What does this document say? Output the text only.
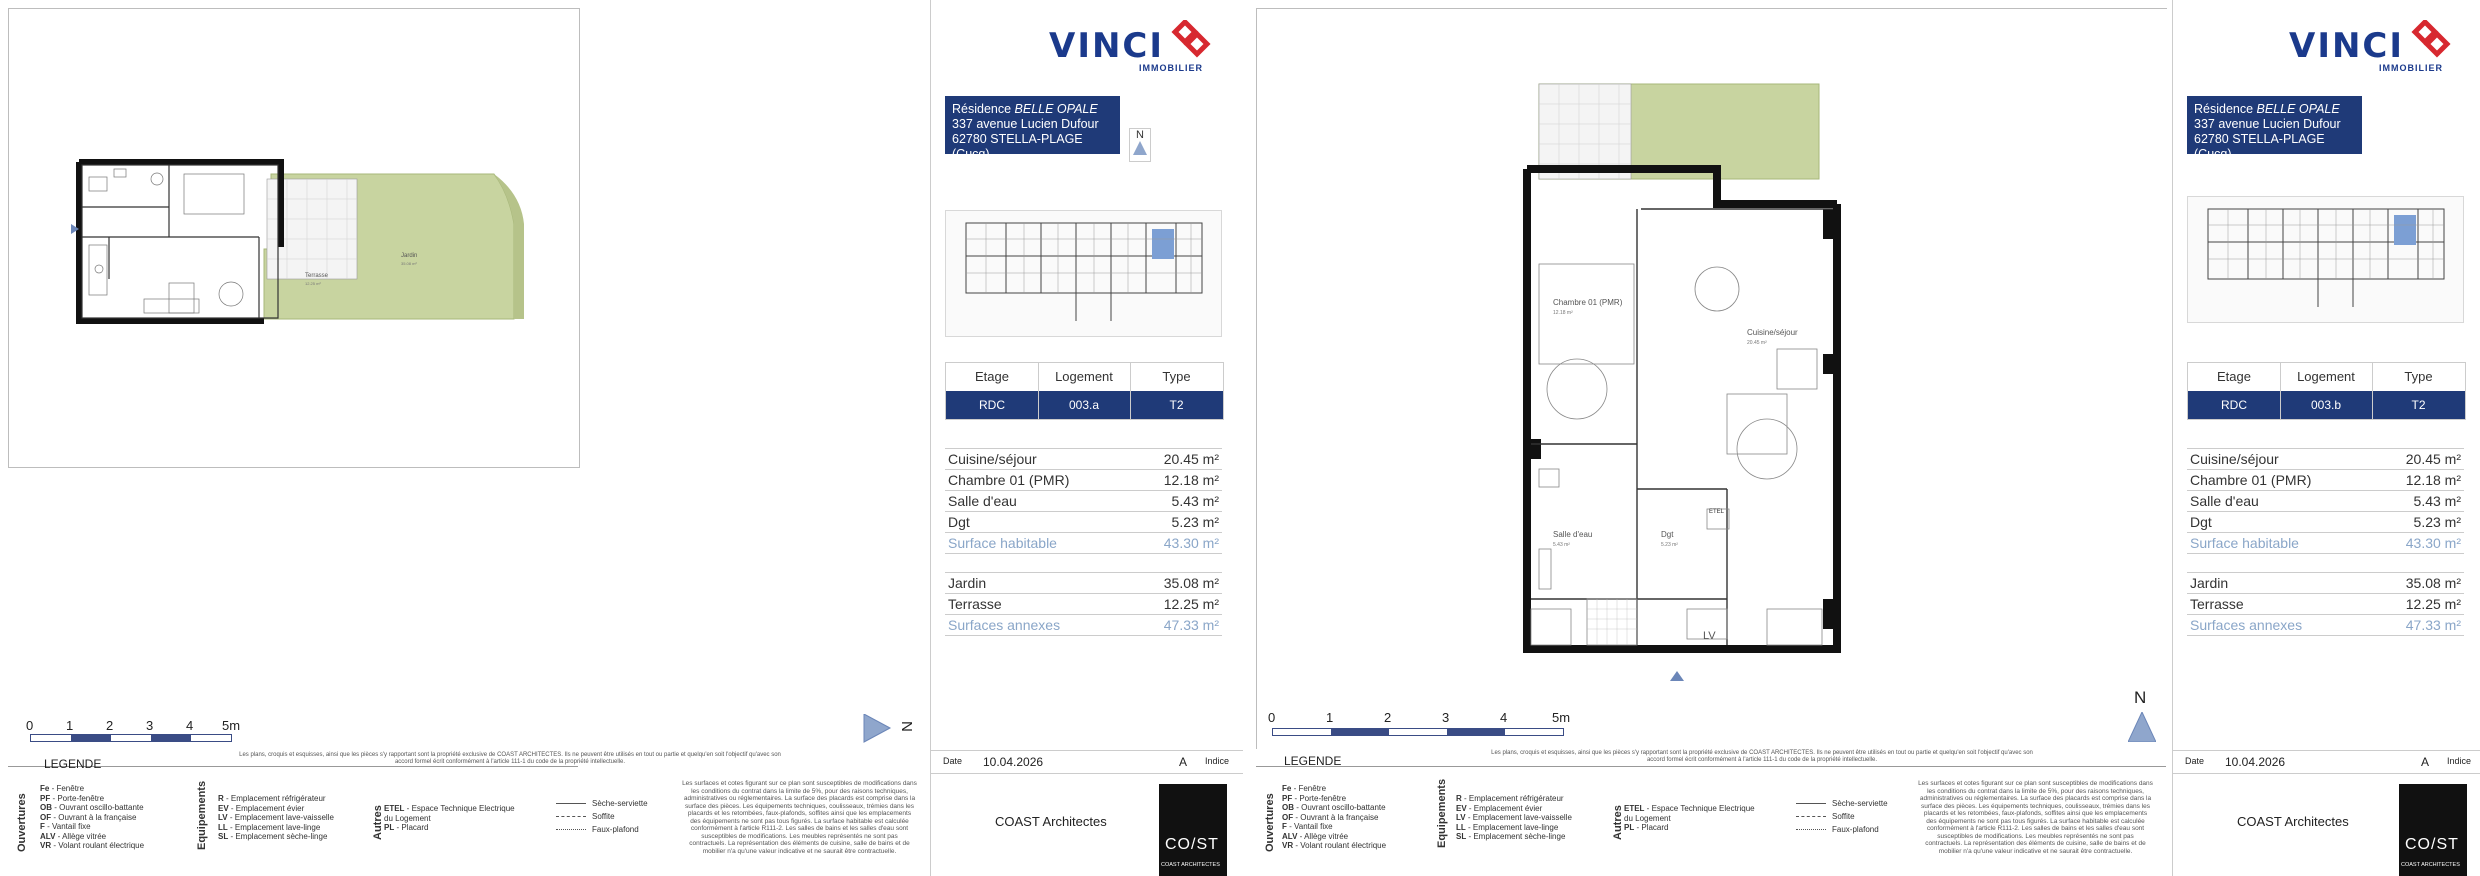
Jardin
35.08 m²
Terrasse
12.25 m²
0	1	2	3	4 5m	N
Les plans, croquis et esquisses, ainsi que les pièces s'y rapportant sont la propriété exclusive de COAST ARCHITECTES. Ils ne peuvent être utilisés en tout ou partie et quelqu'en soit l'objectif qu'avec son accord formel écrit conformément à l'article 111-1 du code de la propriété intellectuelle.
LEGENDE
Ouvertures
Fe - Fenêtre
PF - Porte-fenêtre
OB - Ouvrant oscillo-battante
OF - Ouvrant à la française
F - Vantail fixe
ALV - Allège vitrée
VR - Volant roulant électrique	Equipements R - Emplacement réfrigérateur
EV - Emplacement évier
LV - Emplacement lave-vaisselle
LL - Emplacement lave-linge
SL - Emplacement sèche-linge	Autres ETEL - Espace Technique Electrique
du Logement
PL - Placard
Sèche-serviette
Soffite
Faux-plafond
Les surfaces et cotes figurant sur ce plan sont susceptibles de modifications dans les conditions du contrat dans la limite de 5%, pour des raisons techniques, administratives ou réglementaires. La surface des placards est comprise dans la surface des pièces. Les équipements techniques, coulisseaux, trémies dans les placards et les retombées, faux-plafonds, soffites ainsi que les emplacements des équipements ne sont pas tous figurés. La surface habitable est calculée conformément à l'article R111-2. Les salles de bains et les salles d'eau sont susceptibles de modifications. Les meubles représentés ne sont pas contractuels. La représentation des éléments de cuisine, salle de bains et de mobilier n'a qu'une valeur indicative et ne saurait être contractuelle.
VINCI
IMMOBILIER
Résidence BELLE OPALE
337 avenue Lucien Dufour
62780 STELLA-PLAGE (Cucq)
N
Etage	Logement	Type
RDC	003.a	T2
Cuisine/séjour	20.45 m²
Chambre 01 (PMR)	12.18 m²
Salle d'eau	5.43 m²
Dgt	5.23 m²
Surface habitable	43.30 m²
Jardin	35.08 m²
Terrasse	12.25 m²
Surfaces annexes	47.33 m²
Date 10.04.2026	A Indice
COAST Architectes
CO/ST
COAST ARCHITECTES
Chambre 01 (PMR)
12.18 m²
Cuisine/séjour
20.45 m²
Salle d'eau
5.43 m²
Dgt
5.23 m²
LV
ETEL
0	1	2	3	4	5m
N
Les plans, croquis et esquisses, ainsi que les pièces s'y rapportant sont la propriété exclusive de COAST ARCHITECTES. Ils ne peuvent être utilisés en tout ou partie et quelqu'en soit l'objectif qu'avec son accord formel écrit conformément à l'article 111-1 du code de la propriété intellectuelle.
LEGENDE
Ouvertures
Fe - Fenêtre
PF - Porte-fenêtre
OB - Ouvrant oscillo-battante
OF - Ouvrant à la française
F - Vantail fixe
ALV - Allège vitrée
VR - Volant roulant électrique	Equipements R - Emplacement réfrigérateur
EV - Emplacement évier
LV - Emplacement lave-vaisselle
LL - Emplacement lave-linge
SL - Emplacement sèche-linge	Autres ETEL - Espace Technique Electrique
du Logement
PL - Placard
Sèche-serviette
Soffite
Faux-plafond
Les surfaces et cotes figurant sur ce plan sont susceptibles de modifications dans les conditions du contrat dans la limite de 5%, pour des raisons techniques, administratives ou réglementaires. La surface des placards est comprise dans la surface des pièces. Les équipements techniques, coulisseaux, trémies dans les placards et les retombées, faux-plafonds, soffites ainsi que les emplacements des équipements ne sont pas tous figurés. La surface habitable est calculée conformément à l'article R111-2. Les salles de bains et les salles d'eau sont susceptibles de modifications. Les meubles représentés ne sont pas contractuels. La représentation des éléments de cuisine, salle de bains et de mobilier n'a qu'une valeur indicative et ne saurait être contractuelle.
VINCI
IMMOBILIER
Résidence BELLE OPALE
337 avenue Lucien Dufour
62780 STELLA-PLAGE (Cucq)
Etage	Logement	Type
RDC	003.b	T2
Cuisine/séjour	20.45 m²
Chambre 01 (PMR)	12.18 m²
Salle d'eau	5.43 m²
Dgt	5.23 m²
Surface habitable	43.30 m²
Jardin	35.08 m²
Terrasse	12.25 m²
Surfaces annexes	47.33 m²
Date 10.04.2026	A Indice
COAST Architectes
CO/ST
COAST ARCHITECTES
